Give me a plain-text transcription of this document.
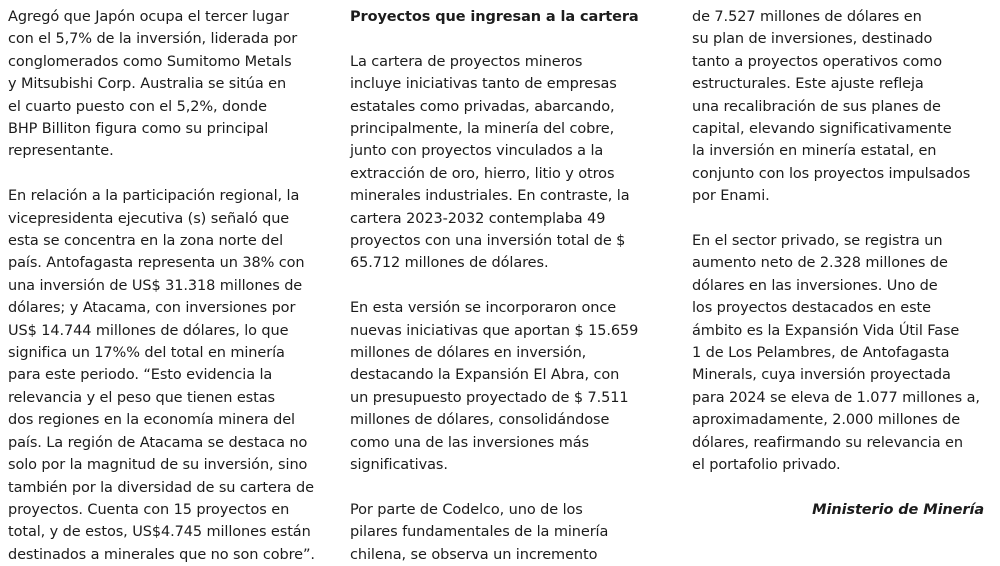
Agregó que Japón ocupa el tercer lugar
con el 5,7% de la inversión, liderada por
conglomerados como Sumitomo Metals
y Mitsubishi Corp. Australia se sitúa en
el cuarto puesto con el 5,2%, donde
BHP Billiton figura como su principal
representante.

En relación a la participación regional, la
vicepresidenta ejecutiva (s) señaló que
esta se concentra en la zona norte del
país. Antofagasta representa un 38% con
una inversión de US$ 31.318 millones de
dólares; y Atacama, con inversiones por
US$ 14.744 millones de dólares, lo que
significa un 17%% del total en minería
para este periodo. “Esto evidencia la
relevancia y el peso que tienen estas
dos regiones en la economía minera del
país. La región de Atacama se destaca no
solo por la magnitud de su inversión, sino
también por la diversidad de su cartera de
proyectos. Cuenta con 15 proyectos en
total, y de estos, US$4.745 millones están
destinados a minerales que no son cobre”.

Proyectos que ingresan a la cartera

La cartera de proyectos mineros
incluye iniciativas tanto de empresas
estatales como privadas, abarcando,
principalmente, la minería del cobre,
junto con proyectos vinculados a la
extracción de oro, hierro, litio y otros
minerales industriales. En contraste, la
cartera 2023-2032 contemplaba 49
proyectos con una inversión total de $
65.712 millones de dólares.

En esta versión se incorporaron once
nuevas iniciativas que aportan $ 15.659
millones de dólares en inversión,
destacando la Expansión El Abra, con
un presupuesto proyectado de $ 7.511
millones de dólares, consolidándose
como una de las inversiones más
significativas.

Por parte de Codelco, uno de los
pilares fundamentales de la minería
chilena, se observa un incremento

de 7.527 millones de dólares en
su plan de inversiones, destinado
tanto a proyectos operativos como
estructurales. Este ajuste refleja
una recalibración de sus planes de
capital, elevando significativamente
la inversión en minería estatal, en
conjunto con los proyectos impulsados
por Enami.

En el sector privado, se registra un
aumento neto de 2.328 millones de
dólares en las inversiones. Uno de
los proyectos destacados en este
ámbito es la Expansión Vida Útil Fase
1 de Los Pelambres, de Antofagasta
Minerals, cuya inversión proyectada
para 2024 se eleva de 1.077 millones a,
aproximadamente, 2.000 millones de
dólares, reafirmando su relevancia en
el portafolio privado.

Ministerio de Minería
